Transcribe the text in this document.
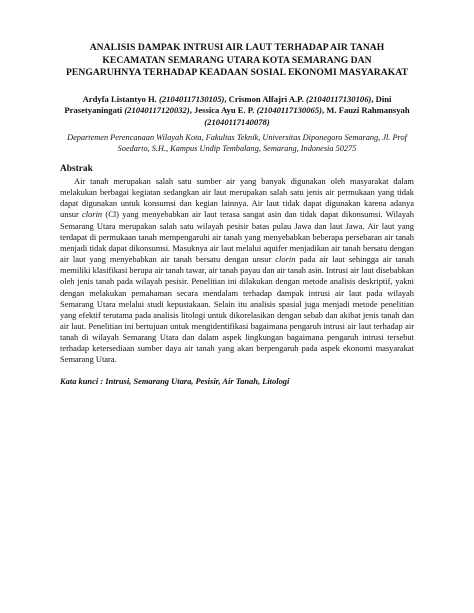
ANALISIS DAMPAK INTRUSI AIR LAUT TERHADAP AIR TANAH KECAMATAN SEMARANG UTARA KOTA SEMARANG DAN PENGARUHNYA TERHADAP KEADAAN SOSIAL EKONOMI MASYARAKAT
Ardyfa Listantyo H. (21040117130105), Crismon Alfajri A.P. (21040117130106), Dini Prasetyaningati (21040117120032), Jessica Ayu E. P. (21040117130065), M. Fauzi Rahmansyah (21040117140078)
Departemen Perencanaan Wilayah Kota, Fakultas Teknik, Universitas Diponegoro Semarang, Jl. Prof Soedarto, S.H., Kampus Undip Tembalang, Semarang, Indonesia 50275
Abstrak
Air tanah merupakan salah satu sumber air yang banyak digunakan oleh masyarakat dalam melakukan berbagai kegiatan sedangkan air laut merupakan salah satu jenis air permukaan yang tidak dapat digunakan untuk konsumsi dan kegian lainnya. Air laut tidak dapat digunakan karena adanya unsur clorin (Cl) yang menyebabkan air laut terasa sangat asin dan tidak dapat dikonsumsi. Wilayah Semarang Utara merupakan salah satu wilayah pesisir batas pulau Jawa dan laut Jawa. Air laut yang terdapat di permukaan tanah mempengaruhi air tanah yang menyebabkan beberapa persebaran air tanah menjadi tidak dapat dikonsumsi. Masuknya air laut melalui aquifer menjadikan air tanah bersatu dengan air laut yang menyebabkan air tanah bersatu dengan unsur clorin pada air laut sehingga air tanah memiliki klasifikasi berupa air tanah tawar, air tanah payau dan air tanah asin. Intrusi air laut disebabkan oleh jenis tanah pada wilayah pesisir. Penelitian ini dilakukan dengan metode analisis deskriptif, yakni dengan melakukan pemahaman secara mendalam terhadap dampak intrusi air laut pada wilayah Semarang Utara melalui studi kepustakaan. Selain itu analisis spasial juga menjadi metode penelitian yang efektif terutama pada analisis litologi untuk dikorelasikan dengan sebab dan akibat jenis tanah dan air laut. Penelitian ini bertujuan untuk mengidentifikasi bagaimana pengaruh intrusi air laut terhadap air tanah di wilayah Semarang Utara dan dalam aspek lingkungan bagaimana pengaruh intrusi tersebut terhadap ketersediaan sumber daya air tanah yang akan berpengaruh pada aspek ekonomi masyarakat Semarang Utara.
Kata kunci : Intrusi, Semarang Utara, Pesisir, Air Tanah, Litologi
